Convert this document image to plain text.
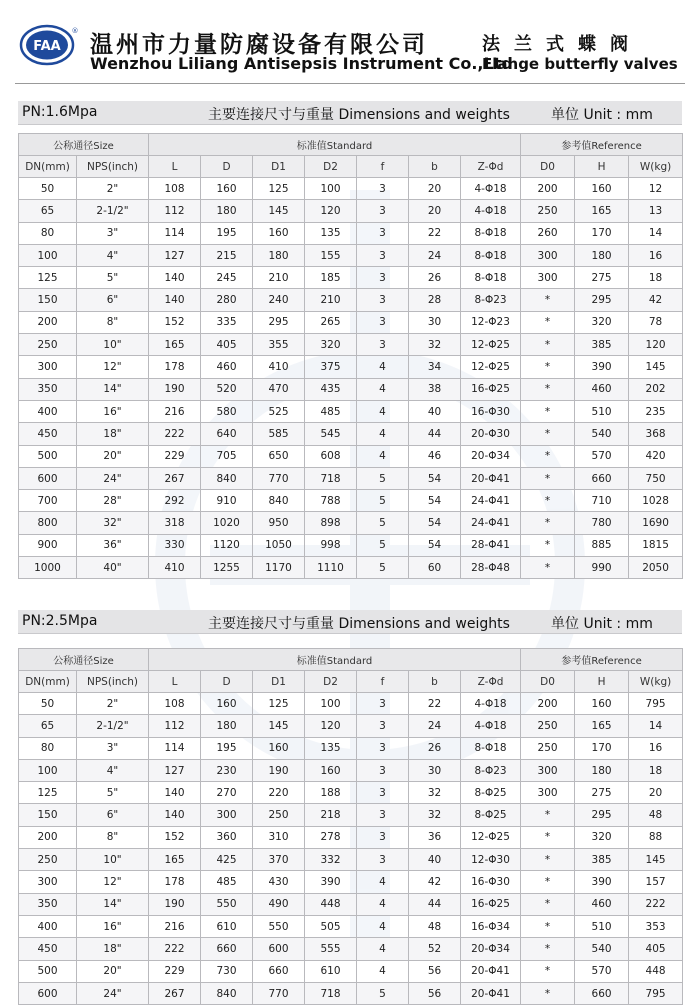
FAA
®
温州市力量防腐设备有限公司
Wenzhou Liliang Antisepsis Instrument Co.,Ltd
法兰式蝶阀
Flange butterfly valves
PN:1.6Mpa	主要连接尺寸与重量 Dimensions and weights	单位 Unit : mm
公称通径Size		标准值Standard							参考值Reference		
DN(mm)	NPS(inch)	L	D	D1	D2	f	b	Z-Φd	D0	H	W(kg)
50	2"	108	160	125	100	3	20	4-Φ18	200	160	12
65	2-1/2"	112	180	145	120	3	20	4-Φ18	250	165	13
80	3"	114	195	160	135	3	22	8-Φ18	260	170	14
100	4"	127	215	180	155	3	24	8-Φ18	300	180	16
125	5"	140	245	210	185	3	26	8-Φ18	300	275	18
150	6"	140	280	240	210	3	28	8-Φ23	*	295	42
200	8"	152	335	295	265	3	30	12-Φ23	*	320	78
250	10"	165	405	355	320	3	32	12-Φ25	*	385	120
300	12"	178	460	410	375	4	34	12-Φ25	*	390	145
350	14"	190	520	470	435	4	38	16-Φ25	*	460	202
400	16"	216	580	525	485	4	40	16-Φ30	*	510	235
450	18"	222	640	585	545	4	44	20-Φ30	*	540	368
500	20"	229	705	650	608	4	46	20-Φ34	*	570	420
600	24"	267	840	770	718	5	54	20-Φ41	*	660	750
700	28"	292	910	840	788	5	54	24-Φ41	*	710	1028
800	32"	318	1020	950	898	5	54	24-Φ41	*	780	1690
900	36"	330	1120	1050	998	5	54	28-Φ41	*	885	1815
1000	40"	410	1255	1170	1110	5	60	28-Φ48	*	990	2050
PN:2.5Mpa	主要连接尺寸与重量 Dimensions and weights	单位 Unit : mm
公称通径Size		标准值Standard							参考值Reference		
DN(mm)	NPS(inch)	L	D	D1	D2	f	b	Z-Φd	D0	H	W(kg)
50	2"	108	160	125	100	3	22	4-Φ18	200	160	795
65	2-1/2"	112	180	145	120	3	24	4-Φ18	250	165	14
80	3"	114	195	160	135	3	26	8-Φ18	250	170	16
100	4"	127	230	190	160	3	30	8-Φ23	300	180	18
125	5"	140	270	220	188	3	32	8-Φ25	300	275	20
150	6"	140	300	250	218	3	32	8-Φ25	*	295	48
200	8"	152	360	310	278	3	36	12-Φ25	*	320	88
250	10"	165	425	370	332	3	40	12-Φ30	*	385	145
300	12"	178	485	430	390	4	42	16-Φ30	*	390	157
350	14"	190	550	490	448	4	44	16-Φ25	*	460	222
400	16"	216	610	550	505	4	48	16-Φ34	*	510	353
450	18"	222	660	600	555	4	52	20-Φ34	*	540	405
500	20"	229	730	660	610	4	56	20-Φ41	*	570	448
600	24"	267	840	770	718	5	56	20-Φ41	*	660	795
